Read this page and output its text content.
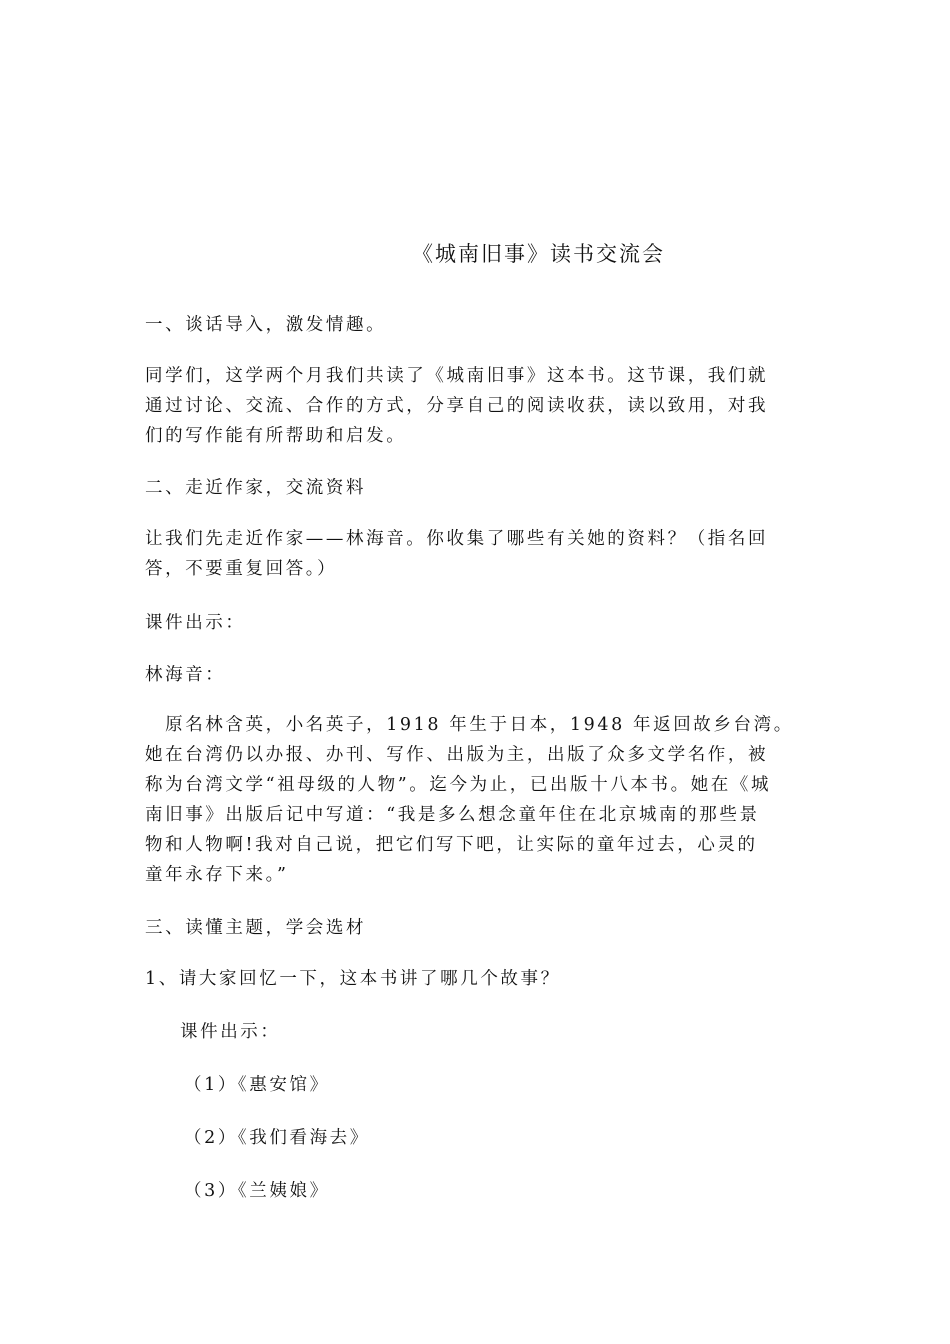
《城南旧事》读书交流会

一、谈话导入，激发情趣。

同学们，这学两个月我们共读了《城南旧事》这本书。这节课，我们就
通过讨论、交流、合作的方式，分享自己的阅读收获，读以致用，对我
们的写作能有所帮助和启发。

二、走近作家，交流资料

让我们先走近作家——林海音。你收集了哪些有关她的资料？（指名回
答，不要重复回答。）

课件出示：

林海音：

　原名林含英，小名英子，1918 年生于日本，1948 年返回故乡台湾。
她在台湾仍以办报、办刊、写作、出版为主，出版了众多文学名作，被
称为台湾文学“祖母级的人物”。迄今为止，已出版十八本书。她在《城
南旧事》出版后记中写道：“我是多么想念童年住在北京城南的那些景
物和人物啊!我对自己说，把它们写下吧，让实际的童年过去，心灵的
童年永存下来。”

三、读懂主题，学会选材

1、请大家回忆一下，这本书讲了哪几个故事？

课件出示：

（1）《惠安馆》

（2）《我们看海去》

（3）《兰姨娘》
